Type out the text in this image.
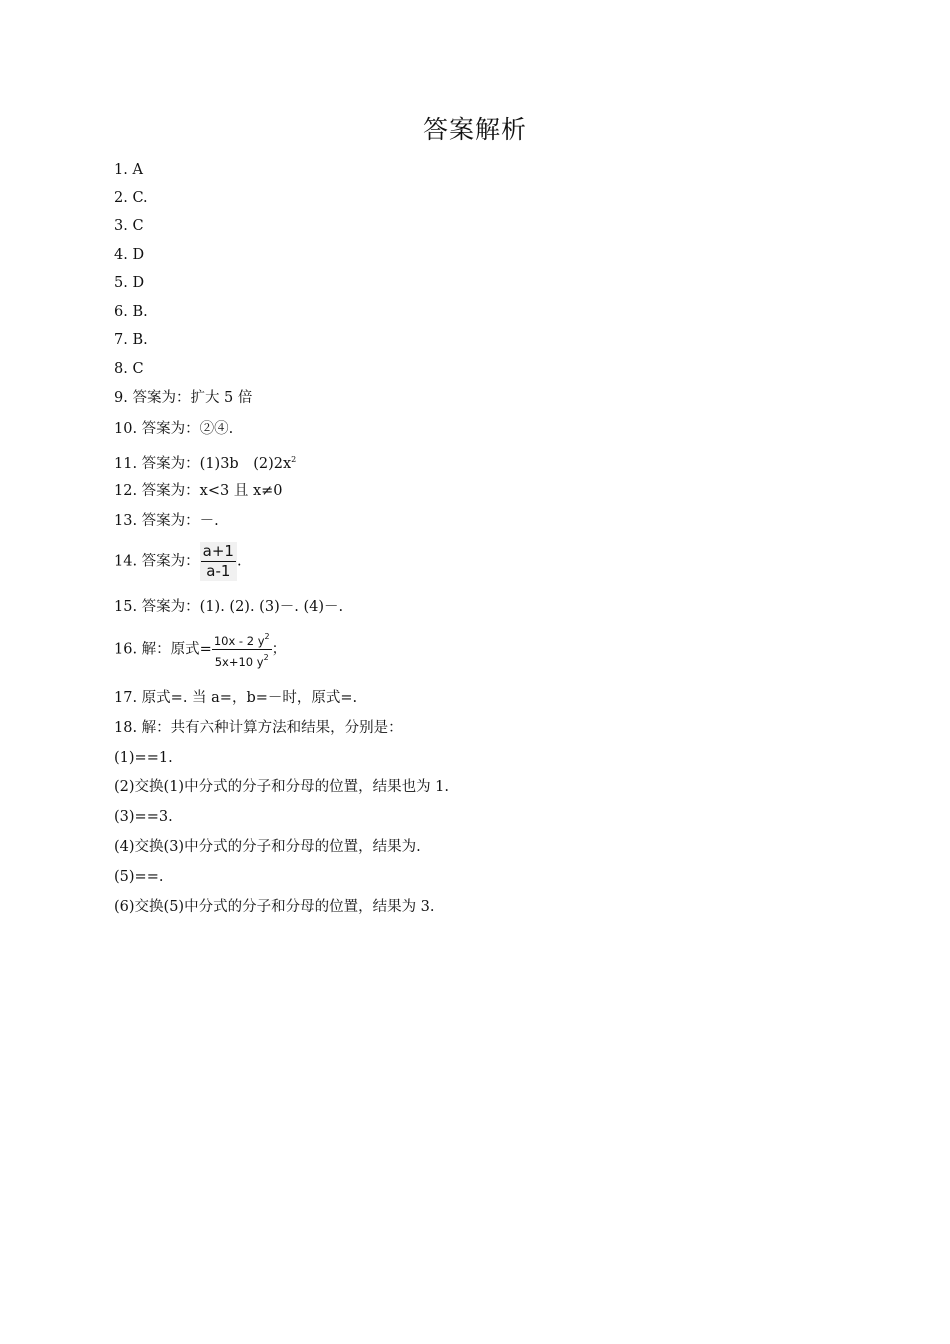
答案解析
1. A
2. C.
3. C
4. D
5. D
6. B.
7. B.
8. C
9. 答案为：扩大 5 倍
10. 答案为：②④.
11. 答案为：(1)3b　$(2)2x^2$
12. 答案为：x<3 且 x≠0
13. 答案为：－.
14. 答案为： $\frac{a+1}{a-1}$ .
15. 答案为：(1). (2). (3)－. (4)－.
16. 解：原式= $\frac{10x - 2 y^2}{5x+10 y^2}$ ；
17. 原式=. 当 a=，b=－时，原式=.
18. 解：共有六种计算方法和结果，分别是：
(1)==1.
(2)交换(1)中分式的分子和分母的位置，结果也为 1.
(3)==3.
(4)交换(3)中分式的分子和分母的位置，结果为.
(5)==.
(6)交换(5)中分式的分子和分母的位置，结果为 3.
